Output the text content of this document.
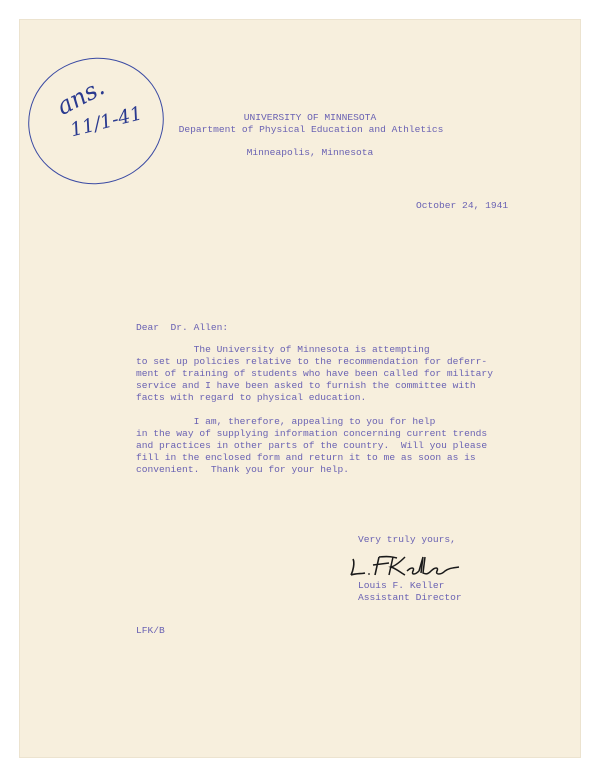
ans.
11/1-41	UNIVERSITY OF MINNESOTA
Department of Physical Education and Athletics
Minneapolis, Minnesota
October 24, 1941
Dear  Dr. Allen:
The University of Minnesota is attempting
to set up policies relative to the recommendation for deferr-
ment of training of students who have been called for military
service and I have been asked to furnish the committee with
facts with regard to physical education.
I am, therefore, appealing to you for help
in the way of supplying information concerning current trends
and practices in other parts of the country.  Will you please
fill in the enclosed form and return it to me as soon as is
convenient.  Thank you for your help.
Very truly yours,
Louis F. Keller
Assistant Director
LFK/B
